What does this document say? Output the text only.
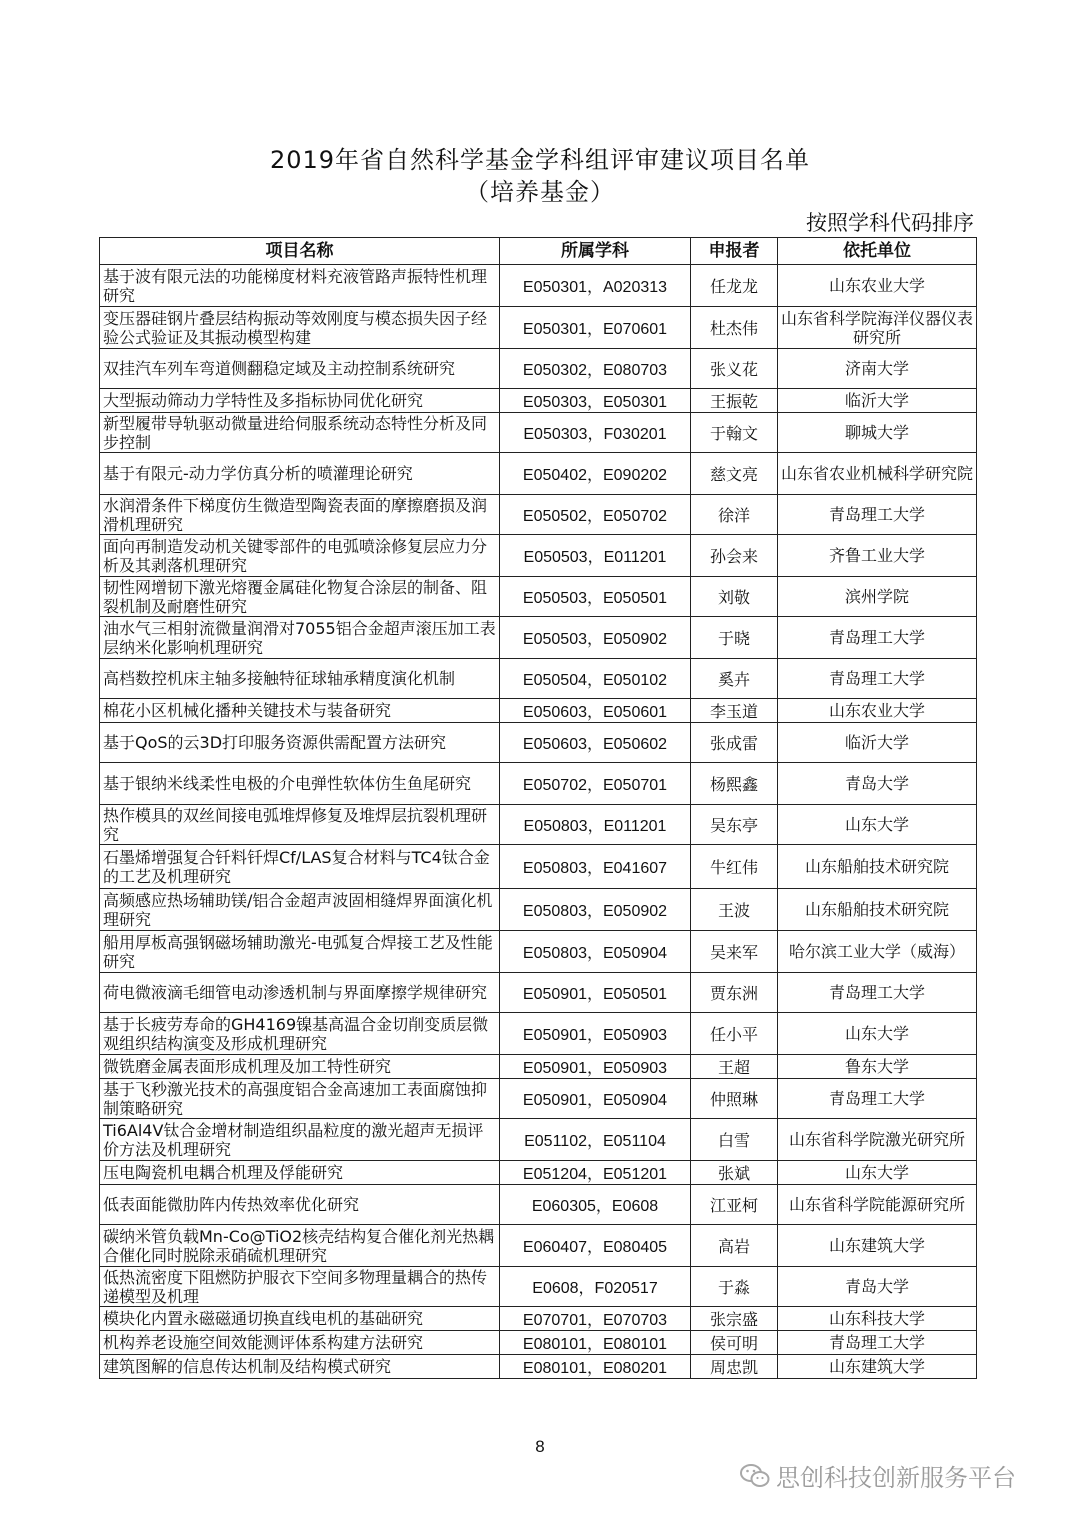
2019年省自然科学基金学科组评审建议项目名单
（培养基金）
按照学科代码排序
项目名称	所属学科	申报者	依托单位
基于波有限元法的功能梯度材料充液管路声振特性机理研究	E050301，A020313	任龙龙	山东农业大学
变压器硅钢片叠层结构振动等效刚度与模态损失因子经验公式验证及其振动模型构建	E050301，E070601	杜杰伟	山东省科学院海洋仪器仪表研究所
双挂汽车列车弯道侧翻稳定域及主动控制系统研究	E050302，E080703	张义花	济南大学
大型振动筛动力学特性及多指标协同优化研究	E050303，E050301	王振乾	临沂大学
新型履带导轨驱动微量进给伺服系统动态特性分析及同步控制	E050303，F030201	于翰文	聊城大学
基于有限元-动力学仿真分析的喷灌理论研究	E050402，E090202	慈文亮	山东省农业机械科学研究院
水润滑条件下梯度仿生微造型陶瓷表面的摩擦磨损及润滑机理研究	E050502，E050702	徐洋	青岛理工大学
面向再制造发动机关键零部件的电弧喷涂修复层应力分析及其剥落机理研究	E050503，E011201	孙会来	齐鲁工业大学
韧性网增韧下激光熔覆金属硅化物复合涂层的制备、阻裂机制及耐磨性研究	E050503，E050501	刘敬	滨州学院
油水气三相射流微量润滑对7055铝合金超声滚压加工表层纳米化影响机理研究	E050503，E050902	于晓	青岛理工大学
高档数控机床主轴多接触特征球轴承精度演化机制	E050504，E050102	奚卉	青岛理工大学
棉花小区机械化播种关键技术与装备研究	E050603，E050601	李玉道	山东农业大学
基于QoS的云3D打印服务资源供需配置方法研究	E050603，E050602	张成雷	临沂大学
基于银纳米线柔性电极的介电弹性软体仿生鱼尾研究	E050702，E050701	杨熙鑫	青岛大学
热作模具的双丝间接电弧堆焊修复及堆焊层抗裂机理研究	E050803，E011201	吴东亭	山东大学
石墨烯增强复合钎料钎焊Cf/LAS复合材料与TC4钛合金的工艺及机理研究	E050803，E041607	牛红伟	山东船舶技术研究院
高频感应热场辅助镁/铝合金超声波固相缝焊界面演化机理研究	E050803，E050902	王波	山东船舶技术研究院
船用厚板高强钢磁场辅助激光-电弧复合焊接工艺及性能研究	E050803，E050904	吴来军	哈尔滨工业大学（威海）
荷电微液滴毛细管电动渗透机制与界面摩擦学规律研究	E050901，E050501	贾东洲	青岛理工大学
基于长疲劳寿命的GH4169镍基高温合金切削变质层微观组织结构演变及形成机理研究	E050901，E050903	任小平	山东大学
微铣磨金属表面形成机理及加工特性研究	E050901，E050903	王超	鲁东大学
基于飞秒激光技术的高强度铝合金高速加工表面腐蚀抑制策略研究	E050901，E050904	仲照琳	青岛理工大学
Ti6Al4V钛合金增材制造组织晶粒度的激光超声无损评价方法及机理研究	E051102，E051104	白雪	山东省科学院激光研究所
压电陶瓷机电耦合机理及俘能研究	E051204，E051201	张斌	山东大学
低表面能微肋阵内传热效率优化研究	E060305，E0608	江亚柯	山东省科学院能源研究所
碳纳米管负载Mn-Co@TiO2核壳结构复合催化剂光热耦合催化同时脱除汞硝硫机理研究	E060407，E080405	高岩	山东建筑大学
低热流密度下阻燃防护服衣下空间多物理量耦合的热传递模型及机理	E0608，F020517	于淼	青岛大学
模块化内置永磁磁通切换直线电机的基础研究	E070701，E070703	张宗盛	山东科技大学
机构养老设施空间效能测评体系构建方法研究	E080101，E080101	侯可明	青岛理工大学
建筑图解的信息传达机制及结构模式研究	E080101，E080201	周忠凯	山东建筑大学
8
思创科技创新服务平台
